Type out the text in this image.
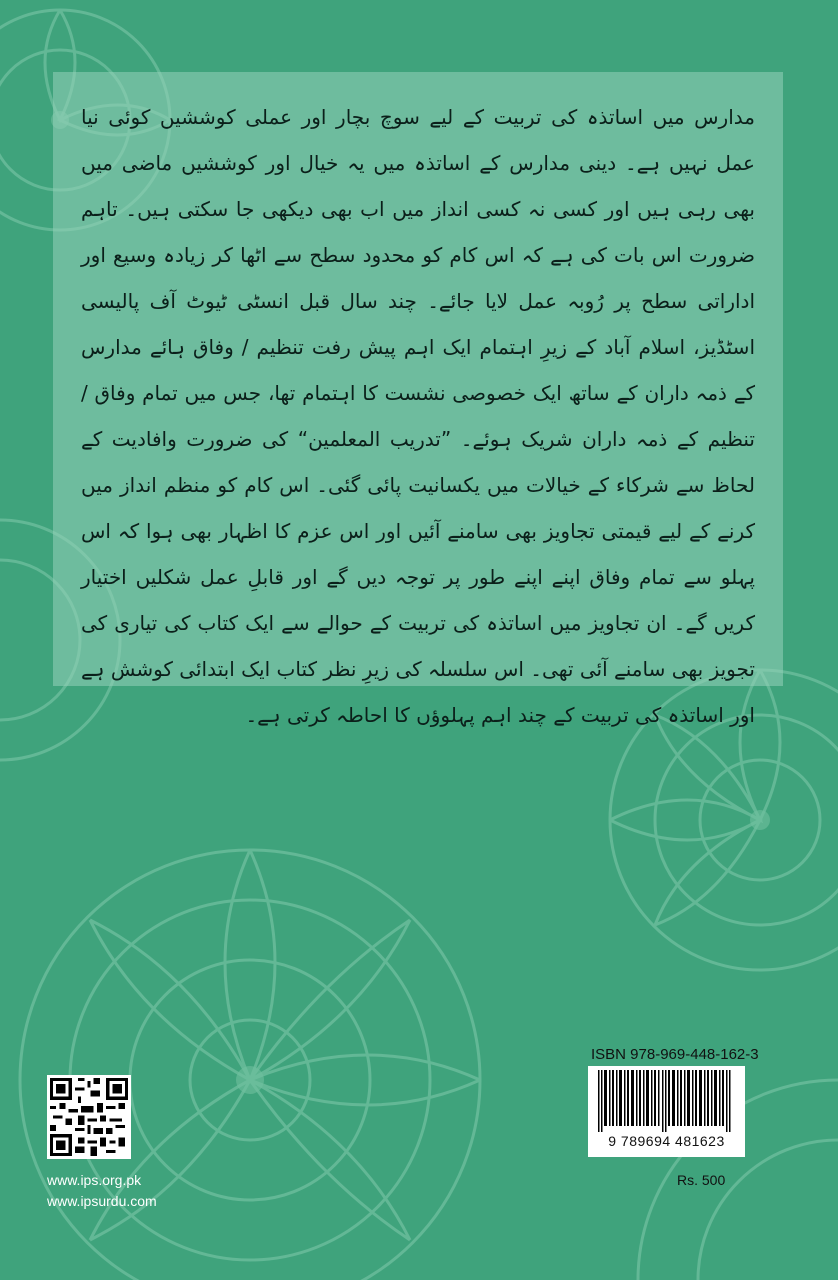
مدارس میں اساتذہ کی تربیت کے لیے سوچ بچار اور عملی کوششیں کوئی نیا عمل نہیں ہے۔ دینی مدارس کے اساتذہ میں یہ خیال اور کوششیں ماضی میں بھی رہی ہیں اور کسی نہ کسی انداز میں اب بھی دیکھی جا سکتی ہیں۔ تاہم ضرورت اس بات کی ہے کہ اس کام کو محدود سطح سے اٹھا کر زیادہ وسیع اور اداراتی سطح پر رُوبہ عمل لایا جائے۔ چند سال قبل انسٹی ٹیوٹ آف پالیسی اسٹڈیز، اسلام آباد کے زیرِ اہتمام ایک اہم پیش رفت تنظیم / وفاق ہائے مدارس کے ذمہ داران کے ساتھ ایک خصوصی نشست کا اہتمام تھا، جس میں تمام وفاق / تنظیم کے ذمہ داران شریک ہوئے۔ ”تدریب المعلمین“ کی ضرورت وافادیت کے لحاظ سے شرکاء کے خیالات میں یکسانیت پائی گئی۔ اس کام کو منظم انداز میں کرنے کے لیے قیمتی تجاویز بھی سامنے آئیں اور اس عزم کا اظہار بھی ہوا کہ اس پہلو سے تمام وفاق اپنے اپنے طور پر توجہ دیں گے اور قابلِ عمل شکلیں اختیار کریں گے۔ ان تجاویز میں اساتذہ کی تربیت کے حوالے سے ایک کتاب کی تیاری کی تجویز بھی سامنے آئی تھی۔ اس سلسلہ کی زیرِ نظر کتاب ایک ابتدائی کوشش ہے اور اساتذہ کی تربیت کے چند اہم پہلوؤں کا احاطہ کرتی ہے۔

www.ips.org.pk
www.ipsurdu.com
ISBN 978-969-448-162-3
9 789694 481623
Rs. 500
